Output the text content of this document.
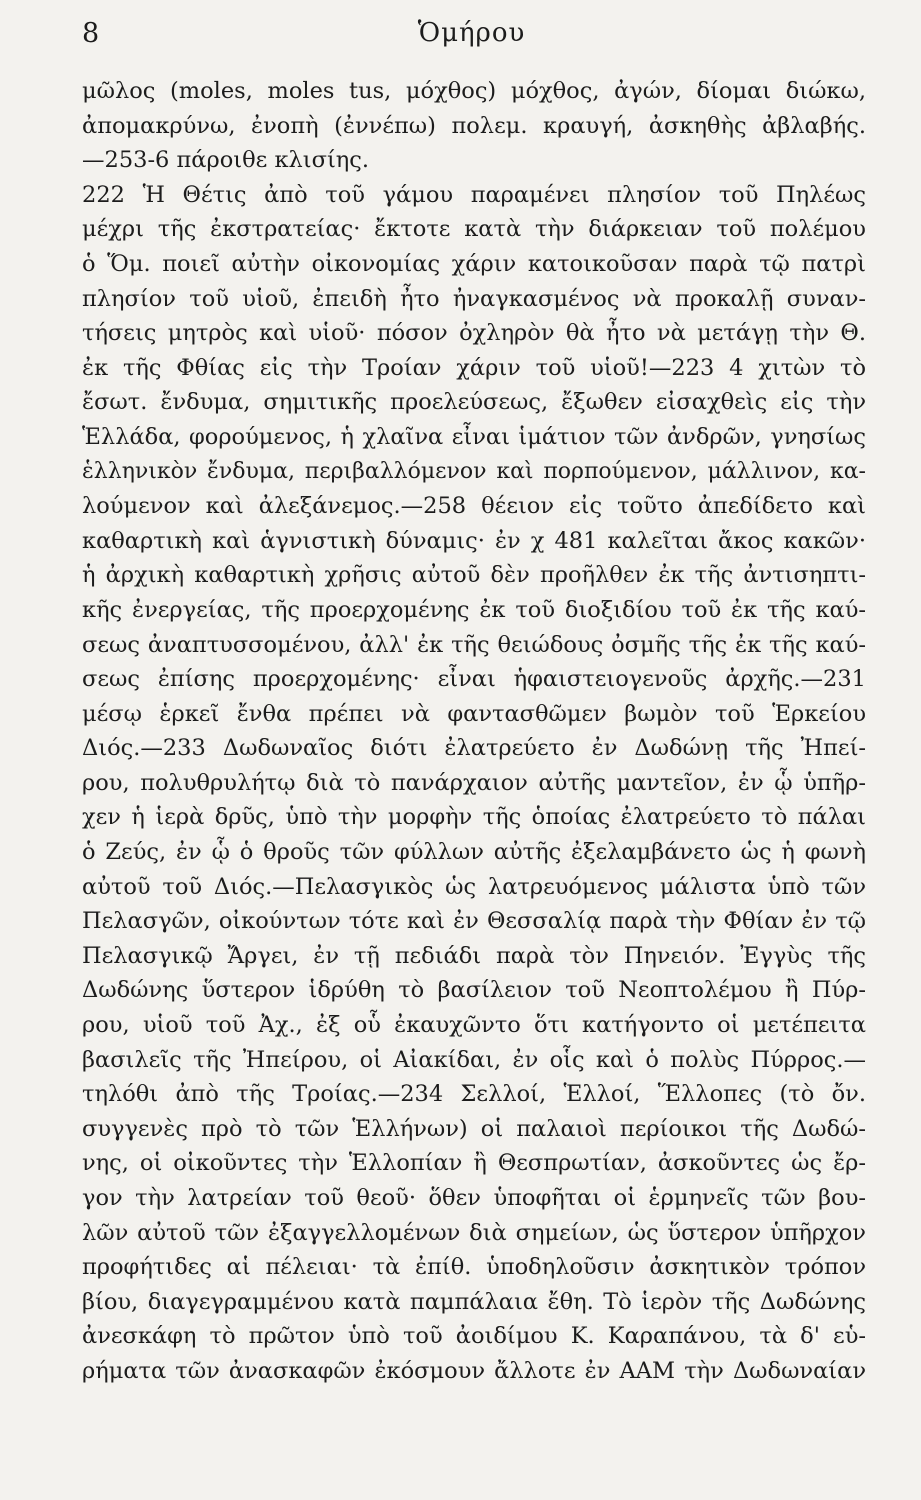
8	Ὁμήρου
μῶλος (moles, moles tus, μόχθος) μόχθος, ἀγών, δίομαι διώκω,
ἀπομακρύνω, ἐνοπὴ (ἐννέπω) πολεμ. κραυγή, ἀσκηθὴς ἀβλαβής.
—253-6 πάροιθε κλισίης.
222 Ἡ Θέτις ἀπὸ τοῦ γάμου παραμένει πλησίον τοῦ Πηλέως
μέχρι τῆς ἐκστρατείας· ἔκτοτε κατὰ τὴν διάρκειαν τοῦ πολέμου
ὁ Ὅμ. ποιεῖ αὐτὴν οἰκονομίας χάριν κατοικοῦσαν παρὰ τῷ πατρὶ
πλησίον τοῦ υἱοῦ, ἐπειδὴ ἦτο ἠναγκασμένος νὰ προκαλῇ συναν-
τήσεις μητρὸς καὶ υἱοῦ· πόσον ὀχληρὸν θὰ ἦτο νὰ μετάγῃ τὴν Θ.
ἐκ τῆς Φθίας εἰς τὴν Τροίαν χάριν τοῦ υἱοῦ!—223 4 χιτὼν τὸ
ἔσωτ. ἔνδυμα, σημιτικῆς προελεύσεως, ἔξωθεν εἰσαχθεὶς εἰς τὴν
Ἑλλάδα, φορούμενος, ἡ χλαῖνα εἶναι ἱμάτιον τῶν ἀνδρῶν, γνησίως
ἑλληνικὸν ἔνδυμα, περιβαλλόμενον καὶ πορπούμενον, μάλλινον, κα-
λούμενον καὶ ἀλεξάνεμος.—258 θέειον εἰς τοῦτο ἀπεδίδετο καὶ
καθαρτικὴ καὶ ἁγνιστικὴ δύναμις· ἐν χ 481 καλεῖται ἄκος κακῶν·
ἡ ἀρχικὴ καθαρτικὴ χρῆσις αὐτοῦ δὲν προῆλθεν ἐκ τῆς ἀντισηπτι-
κῆς ἐνεργείας, τῆς προερχομένης ἐκ τοῦ διοξιδίου τοῦ ἐκ τῆς καύ-
σεως ἀναπτυσσομένου, ἀλλ' ἐκ τῆς θειώδους ὀσμῆς τῆς ἐκ τῆς καύ-
σεως ἐπίσης προερχομένης· εἶναι ἡφαιστειογενοῦς ἀρχῆς.—231
μέσῳ ἑρκεῖ ἔνθα πρέπει νὰ φαντασθῶμεν βωμὸν τοῦ Ἑρκείου
Διός.—233 Δωδωναῖος διότι ἐλατρεύετο ἐν Δωδώνῃ τῆς Ἠπεί-
ρου, πολυθρυλήτῳ διὰ τὸ πανάρχαιον αὐτῆς μαντεῖον, ἐν ᾧ ὑπῆρ-
χεν ἡ ἱερὰ δρῦς, ὑπὸ τὴν μορφὴν τῆς ὁποίας ἐλατρεύετο τὸ πάλαι
ὁ Ζεύς, ἐν ᾧ ὁ θροῦς τῶν φύλλων αὐτῆς ἐξελαμβάνετο ὡς ἡ φωνὴ
αὐτοῦ τοῦ Διός.—Πελασγικὸς ὡς λατρευόμενος μάλιστα ὑπὸ τῶν
Πελασγῶν, οἰκούντων τότε καὶ ἐν Θεσσαλίᾳ παρὰ τὴν Φθίαν ἐν τῷ
Πελασγικῷ Ἄργει, ἐν τῇ πεδιάδι παρὰ τὸν Πηνειόν. Ἐγγὺς τῆς
Δωδώνης ὕστερον ἱδρύθη τὸ βασίλειον τοῦ Νεοπτολέμου ἢ Πύρ-
ρου, υἱοῦ τοῦ Ἀχ., ἐξ οὗ ἐκαυχῶντο ὅτι κατήγοντο οἱ μετέπειτα
βασιλεῖς τῆς Ἠπείρου, οἱ Αἰακίδαι, ἐν οἷς καὶ ὁ πολὺς Πύρρος.—
τηλόθι ἀπὸ τῆς Τροίας.—234 Σελλοί, Ἑλλοί, Ἕλλοπες (τὸ ὄν.
συγγενὲς πρὸ τὸ τῶν Ἑλλήνων) οἱ παλαιοὶ περίοικοι τῆς Δωδώ-
νης, οἱ οἰκοῦντες τὴν Ἑλλοπίαν ἢ Θεσπρωτίαν, ἀσκοῦντες ὡς ἔρ-
γον τὴν λατρείαν τοῦ θεοῦ· ὅθεν ὑποφῆται οἱ ἑρμηνεῖς τῶν βου-
λῶν αὐτοῦ τῶν ἐξαγγελλομένων διὰ σημείων, ὡς ὕστερον ὑπῆρχον
προφήτιδες αἱ πέλειαι· τὰ ἐπίθ. ὑποδηλοῦσιν ἀσκητικὸν τρόπον
βίου, διαγεγραμμένου κατὰ παμπάλαια ἔθη. Τὸ ἱερὸν τῆς Δωδώνης
ἀνεσκάφη τὸ πρῶτον ὑπὸ τοῦ ἀοιδίμου Κ. Καραπάνου, τὰ δ' εὑ-
ρήματα τῶν ἀνασκαφῶν ἐκόσμουν ἄλλοτε ἐν ΑΑΜ τὴν Δωδωναίαν
